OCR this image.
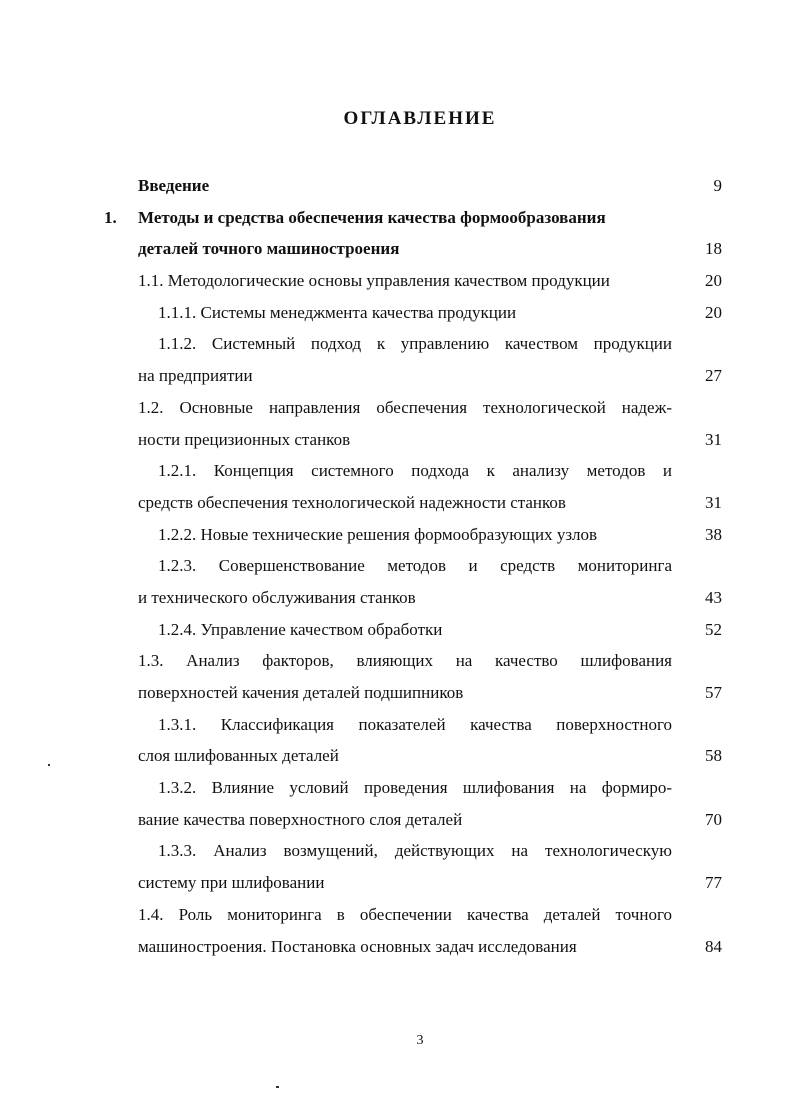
ОГЛАВЛЕНИЕ
Введение	9
1. Методы и средства обеспечения качества формообразования
деталей точного машиностроения	18
1.1. Методологические основы управления качеством продукции	20
1.1.1. Системы менеджмента качества продукции	20
1.1.2. Системный подход к управлению качеством продукции
на предприятии	27
1.2. Основные направления обеспечения технологической надеж-
ности прецизионных станков	31
1.2.1. Концепция системного подхода к анализу методов и
средств обеспечения технологической надежности станков	31
1.2.2. Новые технические решения формообразующих узлов	38
1.2.3. Совершенствование методов и средств мониторинга
и технического обслуживания станков	43
1.2.4. Управление качеством обработки	52
1.3. Анализ факторов, влияющих на качество шлифования
поверхностей качения деталей подшипников	57
1.3.1. Классификация показателей качества поверхностного
слоя шлифованных деталей	58
1.3.2. Влияние условий проведения шлифования на формиро-
вание качества поверхностного слоя деталей	70
1.3.3. Анализ возмущений, действующих на технологическую
систему при шлифовании	77
1.4. Роль мониторинга в обеспечении качества деталей точного
машиностроения. Постановка основных задач исследования	84
3
